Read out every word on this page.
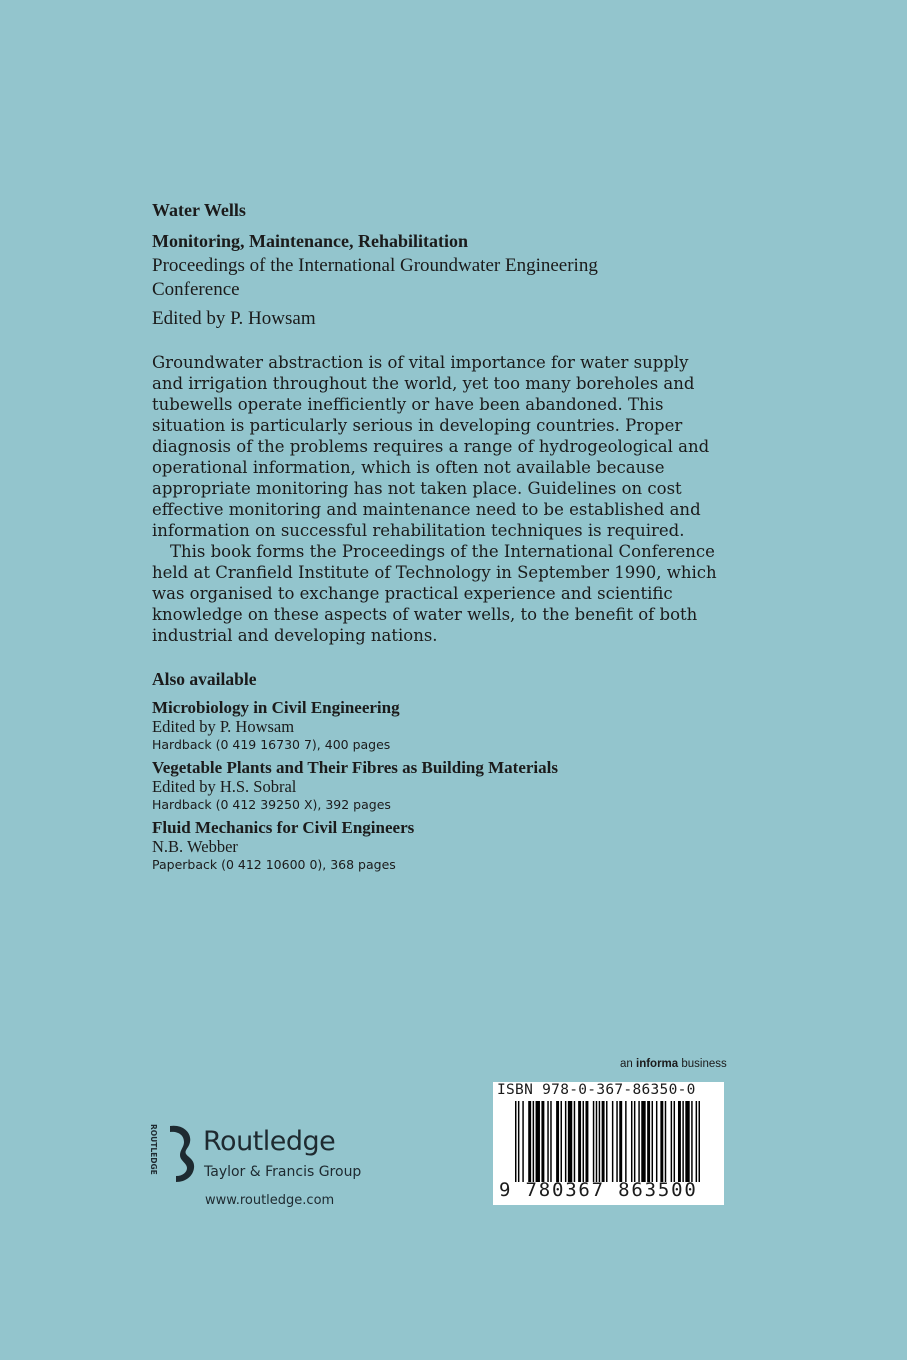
Water Wells
Monitoring, Maintenance, Rehabilitation
Proceedings of the International Groundwater Engineering
Conference
Edited by P. Howsam

Groundwater abstraction is of vital importance for water supply and irrigation throughout the world, yet too many boreholes and tubewells operate inefficiently or have been abandoned. This situation is particularly serious in developing countries. Proper diagnosis of the problems requires a range of hydrogeological and operational information, which is often not available because appropriate monitoring has not taken place. Guidelines on cost effective monitoring and maintenance need to be established and information on successful rehabilitation techniques is required.

This book forms the Proceedings of the International Conference held at Cranfield Institute of Technology in September 1990, which was organised to exchange practical experience and scientific knowledge on these aspects of water wells, to the benefit of both industrial and developing nations.

Also available
Microbiology in Civil Engineering
Edited by P. Howsam
Hardback (0 419 16730 7), 400 pages
Vegetable Plants and Their Fibres as Building Materials
Edited by H.S. Sobral
Hardback (0 412 39250 X), 392 pages
Fluid Mechanics for Civil Engineers
N.B. Webber
Paperback (0 412 10600 0), 368 pages
an informa business
ISBN 978-0-367-86350-0
9 780367 863500
ROUTLEDGE Routledge
Taylor & Francis Group
www.routledge.com
